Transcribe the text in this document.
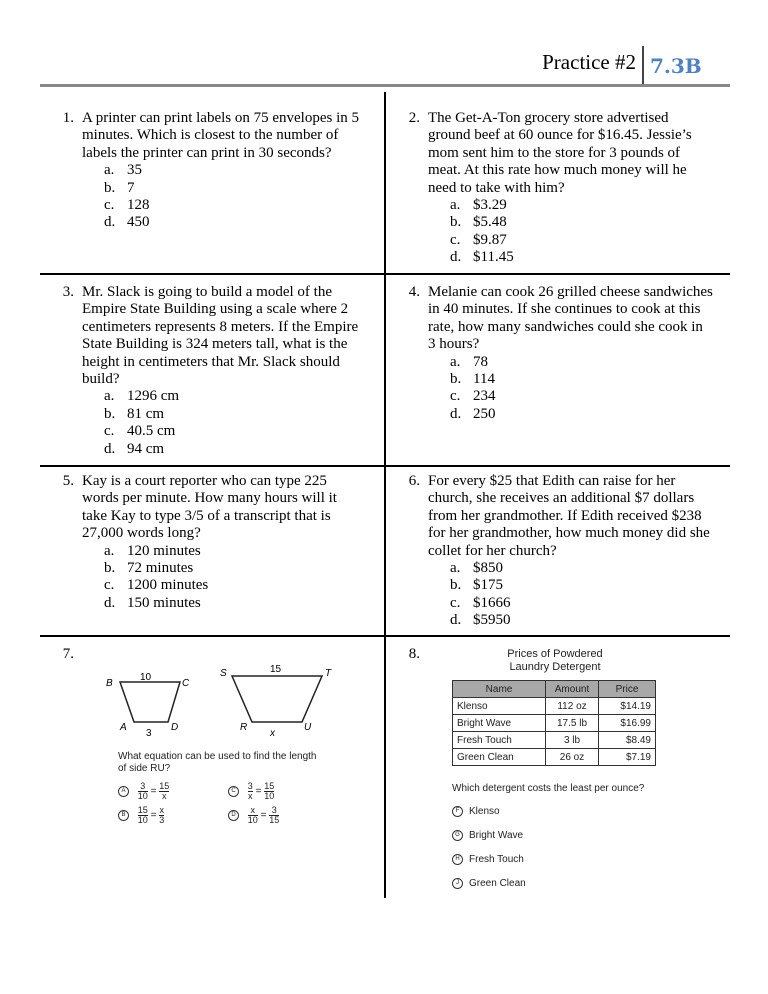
Practice #2 7.3B
1. A printer can print labels on 75 envelopes in 5
minutes. Which is closest to the number of
labels the printer can print in 30 seconds?
a. 35
b. 7
c. 128
d. 450
2. The Get-A-Ton grocery store advertised
ground beef at 60 ounce for $16.45. Jessie’s
mom sent him to the store for 3 pounds of
meat. At this rate how much money will he
need to take with him?
a. $3.29
b. $5.48
c. $9.87
d. $11.45
3. Mr. Slack is going to build a model of the
Empire State Building using a scale where 2
centimeters represents 8 meters. If the Empire
State Building is 324 meters tall, what is the
height in centimeters that Mr. Slack should
build?
a. 1296 cm
b. 81 cm
c. 40.5 cm
d. 94 cm
4. Melanie can cook 26 grilled cheese sandwiches
in 40 minutes. If she continues to cook at this
rate, how many sandwiches could she cook in
3 hours?
a. 78
b. 114
c. 234
d. 250
5. Kay is a court reporter who can type 225
words per minute. How many hours will it
take Kay to type 3/5 of a transcript that is
27,000 words long?
a. 120 minutes
b. 72 minutes
c. 1200 minutes
d. 150 minutes
6. For every $25 that Edith can raise for her
church, she receives an additional $7 dollars
from her grandmother. If Edith received $238
for her grandmother, how much money did she
collet for her church?
a. $850
b. $175
c. $1666
d. $5950
7.
B	C
A	D
10
3
S	T
R	U
15
x
What equation can be used to find the length
of side RU?
A $\frac{3}{10} = \frac{15}{x}$	C $\frac{3}{x} = \frac{15}{10}$
B $\frac{15}{10} = \frac{x}{3}$	D $\frac{x}{10} = \frac{3}{15}$
8.	Prices of Powdered
Laundry Detergent
Name	Amount	Price
Klenso	112 oz	$14.19
Bright Wave	17.5 lb	$16.99
Fresh Touch	3 lb	$8.49
Green Clean	26 oz	$7.19
Which detergent costs the least per ounce?
F Klenso
G Bright Wave
H Fresh Touch
J Green Clean
